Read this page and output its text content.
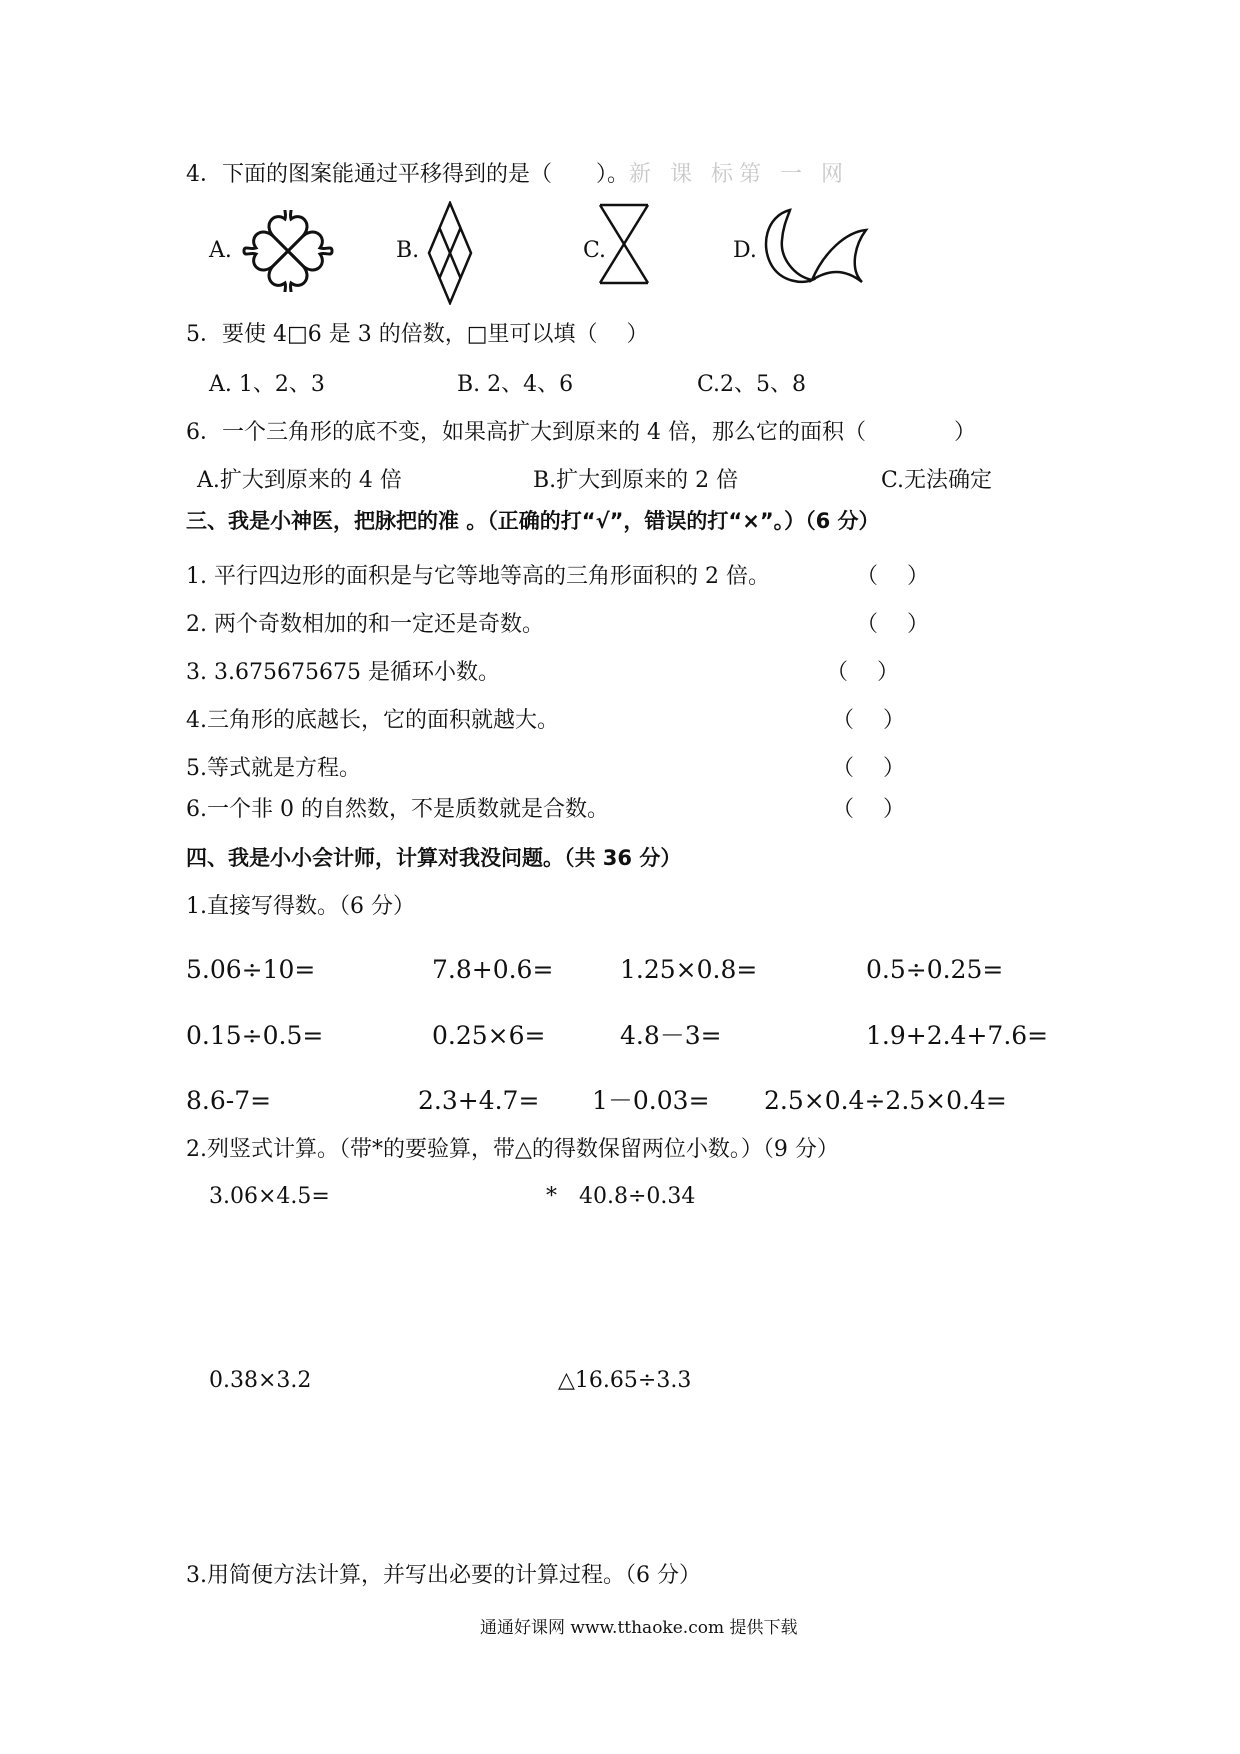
4．下面的图案能通过平移得到的是（　　）。新 课 标第 一 网
A.	B.	C.	D.
5．要使 4□6 是 3 的倍数，□里可以填（　 ）
A. 1、2、3	B. 2、4、6	C.2、5、8
6．一个三角形的底不变，如果高扩大到原来的 4 倍，那么它的面积（　　　　）
A.扩大到原来的 4 倍	B.扩大到原来的 2 倍	C.无法确定
三、我是小神医，把脉把的准 。（正确的打“√”，错误的打“×”。）（6 分）
1. 平行四边形的面积是与它等地等高的三角形面积的 2 倍。	（　 ）
2. 两个奇数相加的和一定还是奇数。	（　 ）
3. 3.675675675 是循环小数。	（　 ）
4.三角形的底越长，它的面积就越大。	（　 ）
5.等式就是方程。	（　 ）
6.一个非 0 的自然数，不是质数就是合数。	（　 ）
四、我是小小会计师，计算对我没问题。（共 36 分）
1.直接写得数。（6 分）
5.06÷10=	7.8+0.6=	1.25×0.8=	0.5÷0.25=
0.15÷0.5=	0.25×6=	4.8－3=	1.9+2.4+7.6=
8.6-7=	2.3+4.7= 1－0.03= 2.5×0.4÷2.5×0.4=
2.列竖式计算。（带*的要验算，带△的得数保留两位小数。）（9 分）
3.06×4.5=	*　40.8÷0.34
0.38×3.2	△16.65÷3.3
3.用简便方法计算，并写出必要的计算过程。（6 分）
通通好课网 www.tthaoke.com 提供下载
